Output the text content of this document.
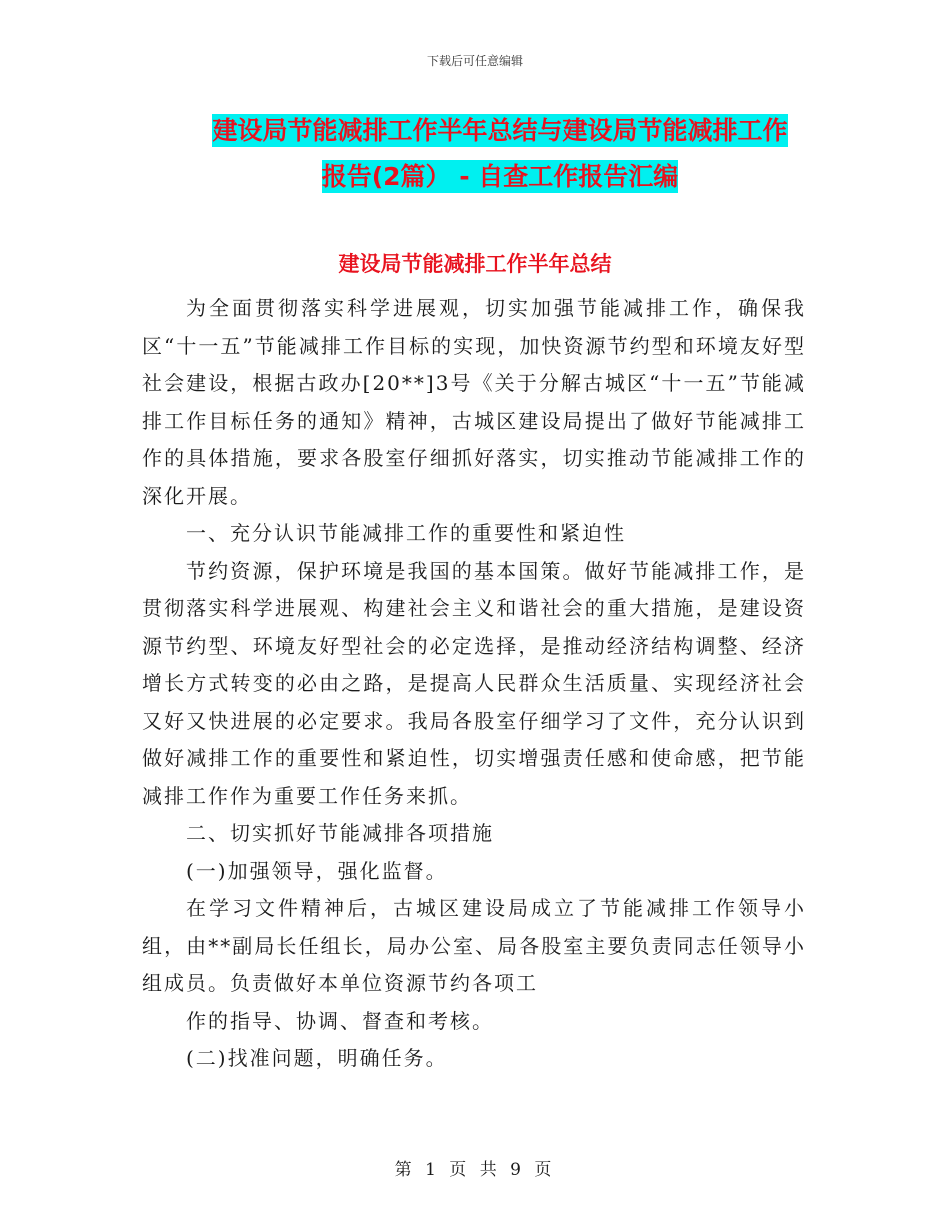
下载后可任意编辑
建设局节能减排工作半年总结与建设局节能减排工作
报告(2篇） - 自查工作报告汇编
建设局节能减排工作半年总结

为全面贯彻落实科学进展观，切实加强节能减排工作，确保我区“十一五”节能减排工作目标的实现，加快资源节约型和环境友好型社会建设，根据古政办[20**]3号《关于分解古城区“十一五”节能减排工作目标任务的通知》精神，古城区建设局提出了做好节能减排工作的具体措施，要求各股室仔细抓好落实，切实推动节能减排工作的深化开展。

一、充分认识节能减排工作的重要性和紧迫性

节约资源，保护环境是我国的基本国策。做好节能减排工作，是贯彻落实科学进展观、构建社会主义和谐社会的重大措施，是建设资源节约型、环境友好型社会的必定选择，是推动经济结构调整、经济增长方式转变的必由之路，是提高人民群众生活质量、实现经济社会又好又快进展的必定要求。我局各股室仔细学习了文件，充分认识到做好减排工作的重要性和紧迫性，切实增强责任感和使命感，把节能减排工作作为重要工作任务来抓。

二、切实抓好节能减排各项措施

(一)加强领导，强化监督。

在学习文件精神后，古城区建设局成立了节能减排工作领导小组，由**副局长任组长，局办公室、局各股室主要负责同志任领导小组成员。负责做好本单位资源节约各项工

作的指导、协调、督查和考核。

(二)找准问题，明确任务。

第 1 页 共 9 页
